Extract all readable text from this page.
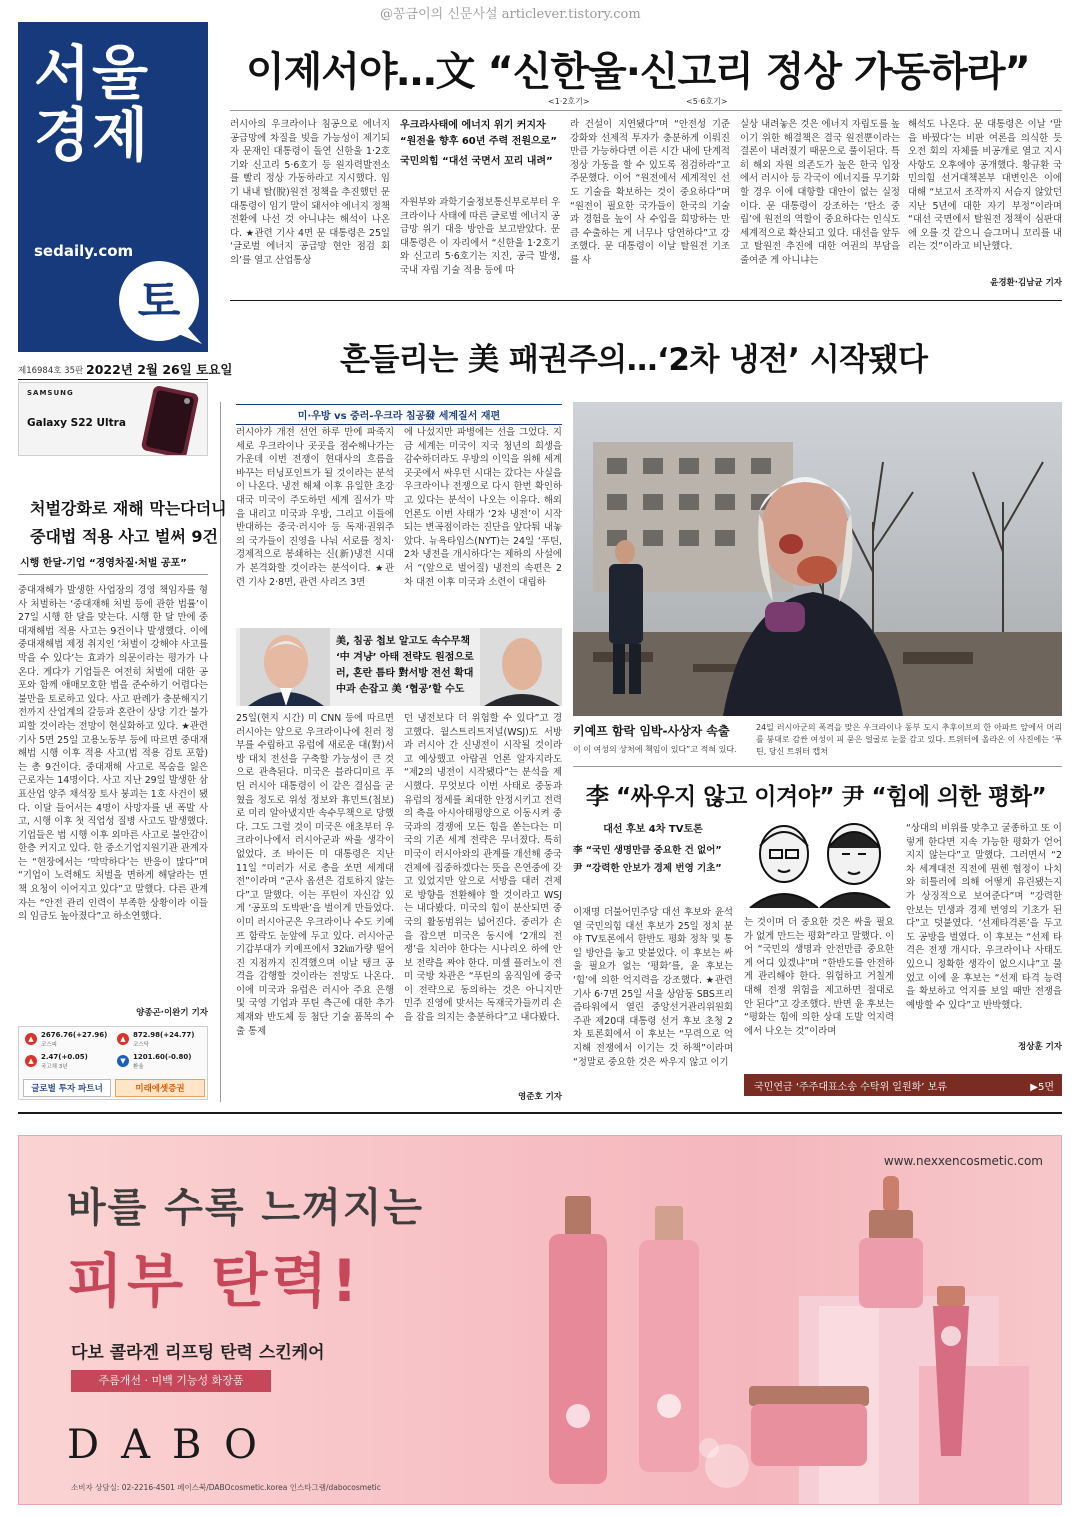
@꽁금이의 신문사설 articlever.tistory.com
서울
경제
sedaily.com
토
제16984호 35판 2022년 2월 26일 토요일
SAMSUNG
Galaxy S22 Ultra
이제서야…文 “신한울·신고리 정상 가동하라”
<1·2호기>	<5·6호기>
러시아의 우크라이나 침공으로 에너지 공급망에 차질을 빚을 가능성이 제기되자 문재인 대통령이 돌연 신한울 1·2호기와 신고리 5·6호기 등 원자력발전소를 빨리 정상 가동하라고 지시했다. 임기 내내 탈(脫)원전 정책을 추진했던 문 대통령이 임기 말이 돼서야 에너지 정책 전환에 나선 것 아니냐는 해석이 나온다. ★관련 기사 4면 문 대통령은 25일 ‘글로벌 에너지 공급망 현안 점검 회의’를 열고 산업통상
우크라사태에 에너지 위기 커지자
“원전을 향후 60년 주력 전원으로”
국민의힘 “대선 국면서 꼬리 내려”
자원부와 과학기술정보통신부로부터 우크라이나 사태에 따른 글로벌 에너지 공급망 위기 대응 방안을 보고받았다. 문 대통령은 이 자리에서 “신한울 1·2호기와 신고리 5·6호기는 지진, 공극 발생, 국내 자립 기술 적용 등에 따
라 건설이 지연됐다”며 “안전성 기준 강화와 선제적 투자가 충분하게 이뤄진 만큼 가능하다면 이른 시간 내에 단계적 정상 가동을 할 수 있도록 점검하라”고 주문했다. 이어 “원전에서 세계적인 선도 기술을 확보하는 것이 중요하다”며 “원전이 필요한 국가들이 한국의 기술과 경험을 높이 사 수입을 희망하는 만큼 수출하는 게 너무나 당연하다”고 강조했다. 문 대통령이 이날 탈원전 기조를 사
실상 내려놓은 것은 에너지 자립도를 높이기 위한 해결책은 결국 원전뿐이라는 결론이 내려졌기 때문으로 풀이된다. 특히 해외 자원 의존도가 높은 한국 입장에서 러시아 등 각국이 에너지를 무기화할 경우 이에 대항할 대안이 없는 실정이다. 문 대통령이 강조하는 ‘탄소 중립’에 원전의 역할이 중요하다는 인식도 세계적으로 확산되고 있다. 대선을 앞두고 탈원전 추진에 대한 여권의 부담을 줄여준 게 아니냐는
해석도 나온다. 문 대통령은 이날 ‘말을 바꿨다’는 비판 여론을 의식한 듯 오전 회의 자체를 비공개로 열고 지시 사항도 오후에야 공개했다. 황규환 국민의힘 선거대책본부 대변인은 이에 대해 “보고서 조작까지 서슴지 않았던 지난 5년에 대한 자기 부정”이라며 “대선 국면에서 탈원전 정책이 심판대에 오를 것 같으니 슬그머니 꼬리를 내리는 것”이라고 비난했다.
윤경환·김남균 기자
흔들리는 美 패권주의…‘2차 냉전’ 시작됐다
미·우방 vs 중러-우크라 침공發 세계질서 재편
러시아가 개전 선언 하루 만에 파죽지세로 우크라이나 곳곳을 점수해나가는 가운데 이번 전쟁이 현대사의 흐름을 바꾸는 터닝포인트가 될 것이라는 분석이 나온다. 냉전 해체 이후 유일한 초강대국 미국이 주도하던 세계 질서가 막을 내리고 미국과 우방, 그리고 이들에 반대하는 중국·러시아 등 독재·권위주의 국가들이 진영을 나눠 서로를 정치·경제적으로 봉쇄하는 신(新)냉전 시대가 본격화할 것이라는 분석이다. ★관련 기사 2·8면, 관련 사리즈 3면
에 나섰지만 파병에는 선을 그었다. 지금 세계는 미국이 지국 청년의 희생을 감수하더라도 우방의 이익을 위해 세계 곳곳에서 싸우던 시대는 갔다는 사실을 우크라이나 전쟁으로 다시 한번 확인하고 있다는 분석이 나오는 이유다. 해외 언론도 이번 사태가 ‘2차 냉전’이 시작되는 변곡점이라는 진단을 앞다퉈 내놓았다. 뉴욕타임스(NYT)는 24일 ‘푸틴, 2차 냉전을 개시하다’는 제하의 사설에서 “(앞으로 벌어질) 냉전의 속편은 2차 대전 이후 미국과 소련이 대립하
美, 침공 첩보 알고도 속수무책 ‘中 겨냥’ 아태 전략도 원점으로 러, 혼란 틈타 對서방 전선 확대 中과 손잡고 美 ‘협공’할 수도
25일(현지 시간) 미 CNN 등에 따르면 러시아는 앞으로 우크라이나에 친러 정부를 수립하고 유럽에 새로운 대(對)서방 대치 전선을 구축할 가능성이 큰 것으로 관측된다. 미국은 블라디미르 푸틴 러시아 대통령이 이 같은 결심을 굳혔을 정도로 위성 정보와 휴민트(첩보)로 미리 알아냈지만 속수무책으로 당했다. 그도 그럴 것이 미국은 애초부터 우크라이나에서 러시아군과 싸울 생각이 없었다. 조 바이든 미 대통령은 지난 11일 “미러가 서로 총을 쏘면 세계대전”이라며 “군사 옵션은 검토하지 않는다”고 말했다. 이는 푸틴이 자신감 있게 ‘공포의 도박판’을 벌이게 만들었다. 이미 러시아군은 우크라이나 수도 키예프 함락도 눈앞에 두고 있다. 러시아군 기갑부대가 키예프에서 32㎞가량 떨어진 지점까지 진격했으며 이날 탱크 공격을 감행할 것이라는 전망도 나온다. 이에 미국과 유럽은 러시아 주요 은행 및 국영 기업과 푸틴 측근에 대한 추가 제재와 반도체 등 첨단 기술 품목의 수출 통제
던 냉전보다 더 위험할 수 있다”고 경고했다. 월스트리트저널(WSJ)도 서방과 러시아 간 신냉전이 시작될 것이라고 예상했고 아랍권 언론 알자지라도 “제2의 냉전이 시작됐다”는 분석을 제시했다. 무엇보다 이번 사태로 중동과 유럽의 정세를 최대한 안정시키고 전력의 축을 아시아태평양으로 이동시켜 중국과의 경쟁에 모든 힘을 쏟는다는 미국의 기존 세계 전략은 무너졌다. 특히 미국이 러시아와의 관계를 개선해 중국 견제에 집중하겠다는 뜻을 은연중에 갖고 있었지만 앞으로 서방을 대러 견제로 방향을 전환해야 할 것이라고 WSJ는 내다봤다. 미국의 힘이 분산되면 중국의 활동범위는 넓어진다. 중러가 손을 잡으면 미국은 동시에 ‘2개의 전쟁’을 치러야 한다는 시나리오 하에 안보 전략을 짜야 한다. 미셸 플러노이 전 미 국방 차관은 “푸틴의 움직임에 중국이 전략으로 동의하는 것은 아니지만 민주 진영에 맞서는 독재국가들끼리 손을 잡을 의지는 충분하다”고 내다봤다.
영준호 기자
키예프 함락 임박-사상자 속출
이 이 여성의 상처에 책임이 있다”고 적혀 있다.
24일 러시아군의 폭격을 맞은 우크라이나 동부 도시 추후이브의 한 아파트 앞에서 머리를 붕대로 감싼 여성이 피 묻은 얼굴로 눈물 감고 있다. 트위터에 올라온 이 사진에는 ‘푸틴, 당신 트위터 캡처
李 “싸우지 않고 이겨야” 尹 “힘에 의한 평화”
대선 후보 4차 TV토론
李 “국민 생명만큼 중요한 건 없어”
尹 “강력한 안보가 경제 번영 기초”
이재명 더불어민주당 대선 후보와 윤석열 국민의힘 대선 후보가 25일 정치 분야 TV토론에서 한반도 평화 정착 및 통일 방안을 놓고 맞붙었다. 이 후보는 싸울 필요가 없는 ‘평화’를, 윤 후보는 ‘힘’에 의한 억지력을 강조했다. ★관련 기사 6·7면 25일 서울 상암동 SBS프리즘타워에서 열린 중앙선거관리위원회 주관 제20대 대통령 선거 후보 초청 2차 토론회에서 이 후보는 “무력으로 억지해 전쟁에서 이기는 것 하책”이라며 “정말로 중요한 것은 싸우지 않고 이기
는 것이며 더 중요한 것은 싸울 필요가 없게 만드는 평화”라고 말했다. 이어 “국민의 생명과 안전만큼 중요한 게 어디 있겠냐”며 “한반도를 안전하게 관리해야 한다. 위험하고 거칠게 대해 전쟁 위험을 제고하면 절대로 안 된다”고 강조했다. 반면 윤 후보는 “평화는 힘에 의한 상대 도발 억지력에서 나오는 것”이라며
“상대의 비위를 맞추고 굴종하고 또 이렇게 한다면 지속 가능한 평화가 얻어지지 않는다”고 말했다. 그러면서 “2차 세계대전 직전에 뮌헨 협정이 나치와 히틀러에 의해 어떻게 유린됐는지가 상징적으로 보여준다”며 “강력한 안보는 민생과 경제 번영의 기초가 된다”고 덧붙였다. ‘선제타격론’을 두고도 공방을 벌였다. 이 후보는 “선제 타격은 전쟁 개시다. 우크라이나 사태도 있으니 정확한 생각이 없으시냐”고 물었고 이에 윤 후보는 “선제 타격 능력을 확보하고 억지를 보일 때만 전쟁을 예방할 수 있다”고 반박했다.
정상훈 기자
국민연금 ‘주주대표소송 수탁위 일원화’ 보류	▶5면
처벌강화로 재해 막는다더니
중대법 적용 사고 벌써 9건
시행 한달-기업 “경영차질·처벌 공포”
중대재해가 발생한 사업장의 경영 책임자를 형사 처벌하는 ‘중대재해 처벌 등에 관한 법률’이 27일 시행 한 달을 맞는다. 시행 한 달 만에 중대재해법 적용 사고는 9건이나 발생했다. 이에 중대재해법 제정 취지인 ‘처벌이 강해야 사고를 막을 수 있다’는 효과가 의문이라는 평가가 나온다. 게다가 기업들은 여전히 처벌에 대한 공포와 함께 애매모호한 법을 준수하기 어렵다는 불만을 토로하고 있다. 사고 판례가 충분해지기 전까지 산업계의 갈등과 혼란이 상당 기간 불가피할 것이라는 전망이 현실화하고 있다. ★관련 기사 5면 25일 고용노동부 등에 따르면 중대재해법 시행 이후 적용 사고(법 적용 검토 포함)는 총 9건이다. 중대재해 사고로 목숨을 잃은 근로자는 14명이다. 사고 지난 29일 발생한 삼표산업 양주 채석장 토사 붕괴는 1호 사건이 됐다. 이달 들어서는 4명이 사망자를 낸 폭발 사고, 시행 이후 첫 직업성 질병 사고도 발생했다. 기업들은 법 시행 이후 외마른 사고로 불안감이 한층 커지고 있다. 한 중소기업지원기관 관계자는 “현장에서는 ‘막막하다’는 반응이 많다”며 “기업이 노력해도 처벌을 면하게 해달라는 면책 요청이 이어지고 있다”고 말했다. 다른 관계자는 “안전 관리 인력이 부족한 상황이라 이들의 임금도 높아졌다”고 하소연했다.
양종곤·이완기 기자
▲	2676.76(+27.96)
코스피
▲	872.98(+24.77)
코스닥
▲	2.47(+0.05)
국고채 3년
▼	1201.60(-0.80)
환율
글로벌 투자 파트너	미래에셋증권
www.nexxencosmetic.com
바를 수록 느껴지는
피부 탄력!
다보 콜라겐 리프팅 탄력 스킨케어
주름개선 · 미백 기능성 화장품
DABO
소비자 상담실: 02-2216-4501 페이스북/DABOcosmetic.korea 인스타그램/dabocosmetic
